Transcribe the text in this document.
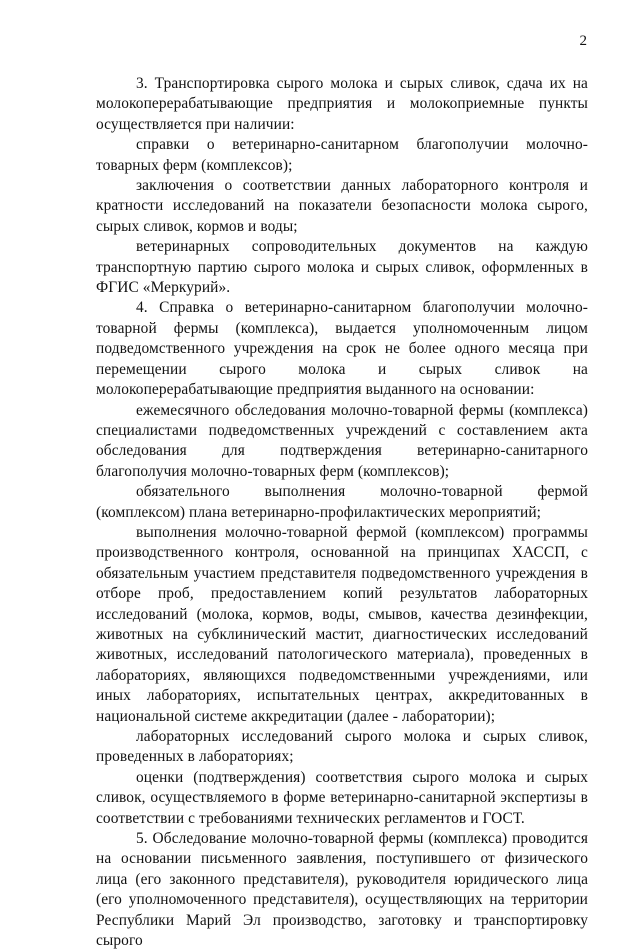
2

3. Транспортировка сырого молока и сырых сливок, сдача их на молокоперерабатывающие предприятия и молокоприемные пункты осуществляется при наличии:

справки о ветеринарно-санитарном благополучии молочно-товарных ферм (комплексов);

заключения о соответствии данных лабораторного контроля и кратности исследований на показатели безопасности молока сырого, сырых сливок, кормов и воды;

ветеринарных сопроводительных документов на каждую транспортную партию сырого молока и сырых сливок, оформленных в ФГИС «Меркурий».

4. Справка о ветеринарно-санитарном благополучии молочно-товарной фермы (комплекса), выдается уполномоченным лицом подведомственного учреждения на срок не более одного месяца при перемещении сырого молока и сырых сливок на молокоперерабатывающие предприятия выданного на основании:

ежемесячного обследования молочно-товарной фермы (комплекса) специалистами подведомственных учреждений с составлением акта обследования для подтверждения ветеринарно-санитарного благополучия молочно-товарных ферм (комплексов);

обязательного выполнения молочно-товарной фермой (комплексом) плана ветеринарно-профилактических мероприятий;

выполнения молочно-товарной фермой (комплексом) программы производственного контроля, основанной на принципах ХАССП, с обязательным участием представителя подведомственного учреждения в отборе проб, предоставлением копий результатов лабораторных исследований (молока, кормов, воды, смывов, качества дезинфекции, животных на субклинический мастит, диагностических исследований животных, исследований патологического материала), проведенных в лабораториях, являющихся подведомственными учреждениями, или иных лабораториях, испытательных центрах, аккредитованных в национальной системе аккредитации (далее - лаборатории);

лабораторных исследований сырого молока и сырых сливок, проведенных в лабораториях;

оценки (подтверждения) соответствия сырого молока и сырых сливок, осуществляемого в форме ветеринарно-санитарной экспертизы в соответствии с требованиями технических регламентов и ГОСТ.

5. Обследование молочно-товарной фермы (комплекса) проводится на основании письменного заявления, поступившего от физического лица (его законного представителя), руководителя юридического лица (его уполномоченного представителя), осуществляющих на территории Республики Марий Эл производство, заготовку и транспортировку сырого
